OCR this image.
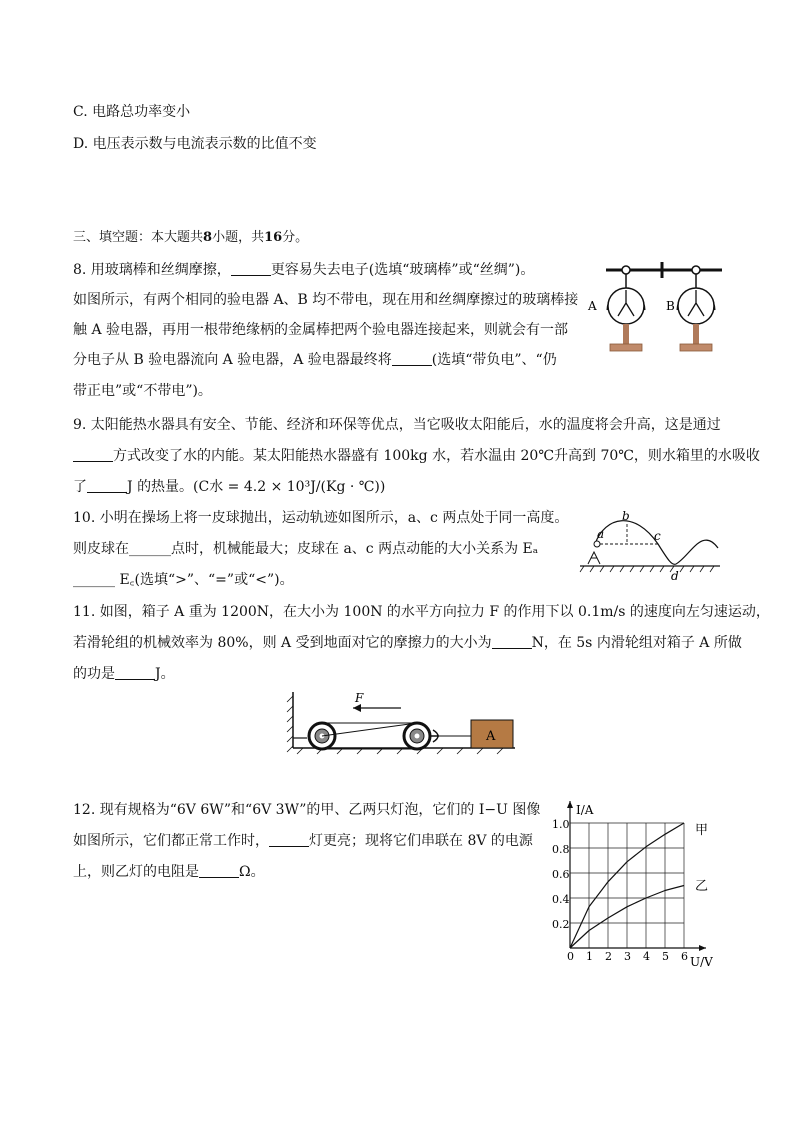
C. 电路总功率变小
D. 电压表示数与电流表示数的比值不变
三、填空题：本大题共8小题，共16分。
8. 用玻璃棒和丝绸摩擦，	更容易失去电子(选填“玻璃棒”或“丝绸”)。
如图所示，有两个相同的验电器 A、B 均不带电，现在用和丝绸摩擦过的玻璃棒接
触 A 验电器，再用一根带绝缘柄的金属棒把两个验电器连接起来，则就会有一部
分电子从 B 验电器流向 A 验电器，A 验电器最终将	(选填“带负电”、“仍
带正电”或“不带电”)。
A	B
9. 太阳能热水器具有安全、节能、经济和环保等优点，当它吸收太阳能后，水的温度将会升高，这是通过
方式改变了水的内能。某太阳能热水器盛有 100kg 水，若水温由 20℃升高到 70℃，则水箱里的水吸收
了	J 的热量。(C水 = 4.2 × 10³J/(Kg · ℃))
10. 小明在操场上将一皮球抛出，运动轨迹如图所示，a、c 两点处于同一高度。
则皮球在______点时，机械能最大；皮球在 a、c 两点动能的大小关系为 Eₐ
______ E꜀(选填“>”、“=”或“<”)。
a
b
c
d
11. 如图，箱子 A 重为 1200N，在大小为 100N 的水平方向拉力 F 的作用下以 0.1m/s 的速度向左匀速运动，
若滑轮组的机械效率为 80%，则 A 受到地面对它的摩擦力的大小为	N，在 5s 内滑轮组对箱子 A 所做
的功是	J。
F
A
12. 现有规格为“6V 6W”和“6V 3W”的甲、乙两只灯泡，它们的 I−U 图像
如图所示，它们都正常工作时，	灯更亮；现将它们串联在 8V 的电源
上，则乙灯的电阻是	Ω。
I/A
U/V
甲
乙
0 1 2 3 4 5 6
0.2
0.4
0.6
0.8
1.0
